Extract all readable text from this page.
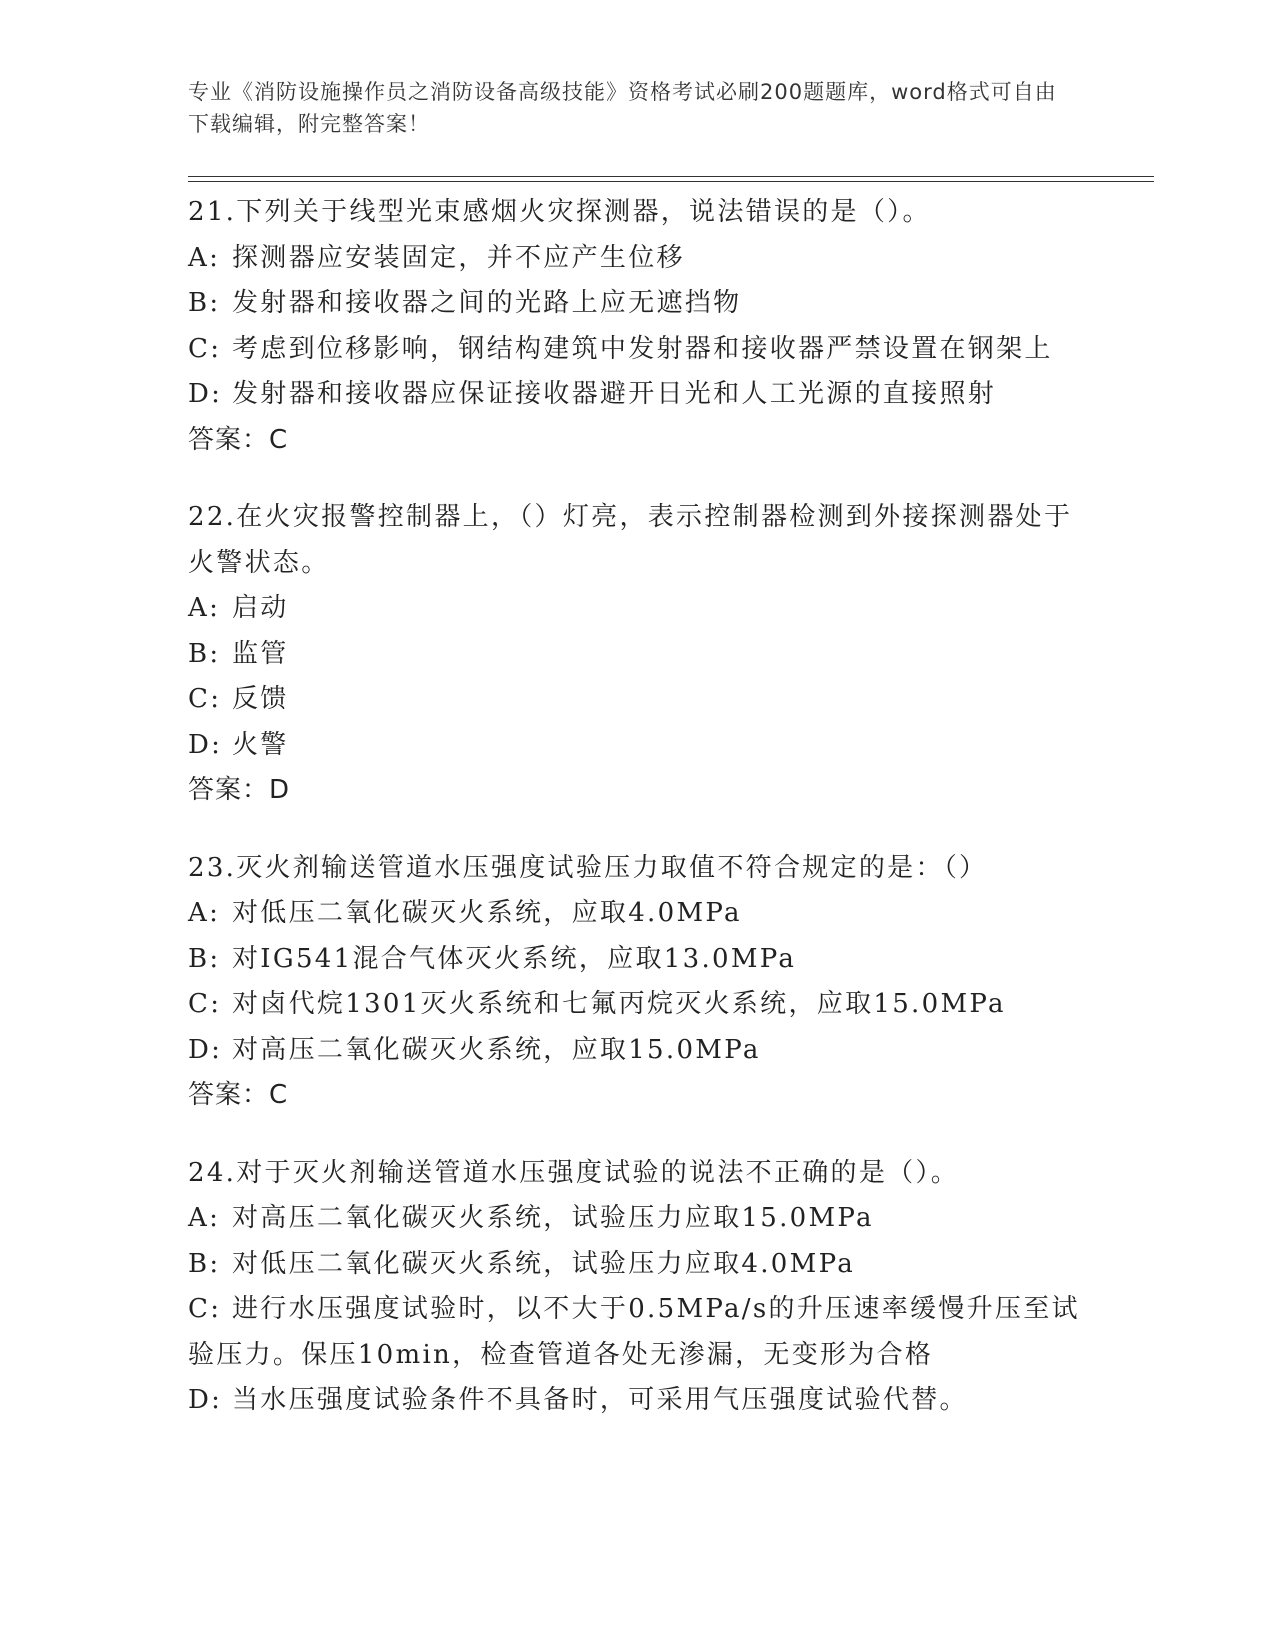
专业《消防设施操作员之消防设备高级技能》资格考试必刷200题题库，word格式可自由下载编辑，附完整答案！
21.下列关于线型光束感烟火灾探测器，说法错误的是（）。
A: 探测器应安装固定，并不应产生位移
B: 发射器和接收器之间的光路上应无遮挡物
C: 考虑到位移影响，钢结构建筑中发射器和接收器严禁设置在钢架上
D: 发射器和接收器应保证接收器避开日光和人工光源的直接照射
答案：C
22.在火灾报警控制器上，（）灯亮，表示控制器检测到外接探测器处于火警状态。
A: 启动
B: 监管
C: 反馈
D: 火警
答案：D
23.灭火剂输送管道水压强度试验压力取值不符合规定的是：（）
A: 对低压二氧化碳灭火系统，应取4.0MPa
B: 对IG541混合气体灭火系统，应取13.0MPa
C: 对卤代烷1301灭火系统和七氟丙烷灭火系统，应取15.0MPa
D: 对高压二氧化碳灭火系统，应取15.0MPa
答案：C
24.对于灭火剂输送管道水压强度试验的说法不正确的是（）。
A: 对高压二氧化碳灭火系统，试验压力应取15.0MPa
B: 对低压二氧化碳灭火系统，试验压力应取4.0MPa
C: 进行水压强度试验时，以不大于0.5MPa/s的升压速率缓慢升压至试验压力。保压10min，检查管道各处无渗漏，无变形为合格
D: 当水压强度试验条件不具备时，可采用气压强度试验代替。
